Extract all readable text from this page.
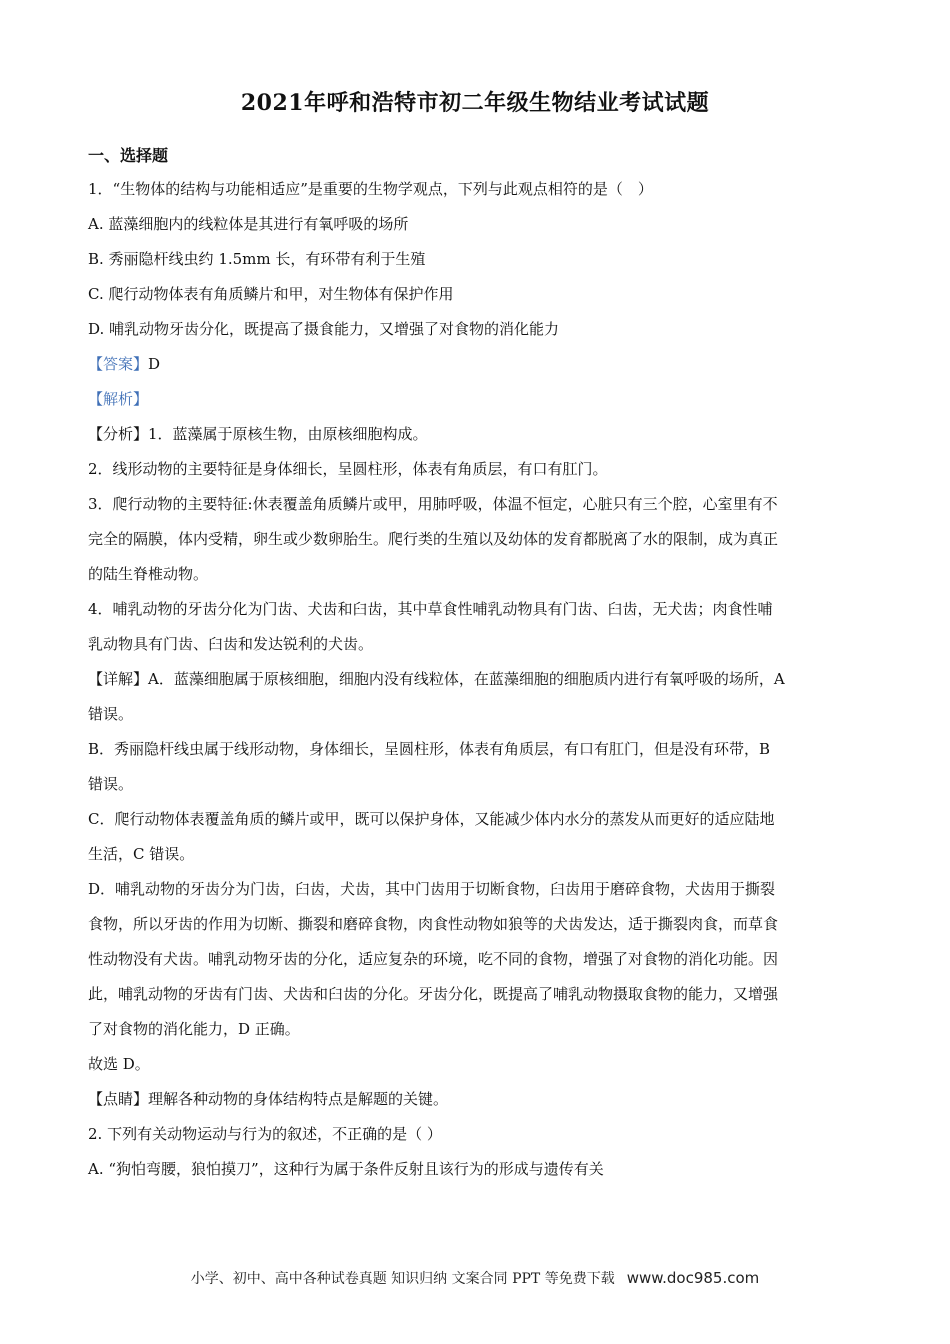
2021年呼和浩特市初二年级生物结业考试试题
一、选择题

1．“生物体的结构与功能相适应”是重要的生物学观点，下列与此观点相符的是（　）

A. 蓝藻细胞内的线粒体是其进行有氧呼吸的场所

B. 秀丽隐杆线虫约 1.5mm 长，有环带有利于生殖

C. 爬行动物体表有角质鳞片和甲，对生物体有保护作用

D. 哺乳动物牙齿分化，既提高了摄食能力，又增强了对食物的消化能力

【答案】D

【解析】

【分析】1．蓝藻属于原核生物，由原核细胞构成。

2．线形动物的主要特征是身体细长，呈圆柱形，体表有角质层，有口有肛门。

3．爬行动物的主要特征:休表覆盖角质鳞片或甲，用肺呼吸，体温不恒定，心脏只有三个腔，心室里有不

完全的隔膜，体内受精，卵生或少数卵胎生。爬行类的生殖以及幼体的发育都脱离了水的限制，成为真正

的陆生脊椎动物。

4．哺乳动物的牙齿分化为门齿、犬齿和臼齿，其中草食性哺乳动物具有门齿、臼齿，无犬齿；肉食性哺

乳动物具有门齿、臼齿和发达锐利的犬齿。

【详解】A．蓝藻细胞属于原核细胞，细胞内没有线粒体，在蓝藻细胞的细胞质内进行有氧呼吸的场所，A

错误。

B．秀丽隐杆线虫属于线形动物，身体细长，呈圆柱形，体表有角质层，有口有肛门，但是没有环带，B

错误。

C．爬行动物体表覆盖角质的鳞片或甲，既可以保护身体，又能减少体内水分的蒸发从而更好的适应陆地

生活，C 错误。

D．哺乳动物的牙齿分为门齿，臼齿，犬齿，其中门齿用于切断食物，臼齿用于磨碎食物，犬齿用于撕裂

食物，所以牙齿的作用为切断、撕裂和磨碎食物，肉食性动物如狼等的犬齿发达，适于撕裂肉食，而草食

性动物没有犬齿。哺乳动物牙齿的分化，适应复杂的环境，吃不同的食物，增强了对食物的消化功能。因

此，哺乳动物的牙齿有门齿、犬齿和臼齿的分化。牙齿分化，既提高了哺乳动物摄取食物的能力，又增强

了对食物的消化能力，D 正确。

故选 D。

【点睛】理解各种动物的身体结构特点是解题的关键。

2. 下列有关动物运动与行为的叙述，不正确的是（ ）

A. “狗怕弯腰，狼怕摸刀”，这种行为属于条件反射且该行为的形成与遗传有关

小学、初中、高中各种试卷真题 知识归纳 文案合同 PPT 等免费下载 www.doc985.com
